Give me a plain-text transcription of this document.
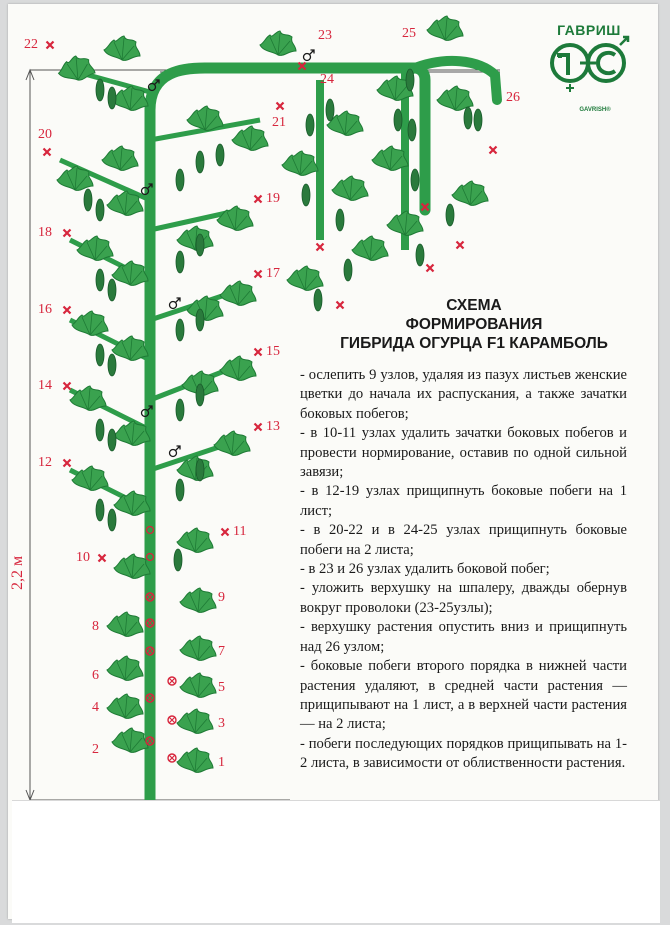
ГАВРИШ
GAVRISH®
1
2
3
4
5
6
7
8
9
10
11
12
13
14
15
16
17
18
19
20
21
22
23
24
25
26
2,2 м
СХЕМА
ФОРМИРОВАНИЯ
ГИБРИДА ОГУРЦА F1 КАРАМБОЛЬ
- ослепить 9 узлов, удаляя из пазух листьев женские цветки до начала их распускания, а также зачатки боковых побегов;
- в 10-11 узлах удалить зачатки боковых побегов и провести нормирование, оставив по одной сильной завязи;
- в 12-19 узлах прищипнуть боковые побеги на 1 лист;
- в 20-22 и в 24-25 узлах прищипнуть боковые побеги на 2 листа;
- в 23 и 26 узлах удалить боковой побег;
- уложить верхушку на шпалеру, дважды обернув вокруг проволоки (23-25узлы);
- верхушку растения опустить вниз и прищипнуть над 26 узлом;
- боковые побеги второго порядка в нижней части растения удаляют, в средней части растения — прищипывают на 1 лист, а в верхней части растения — на 2 листа;
- побеги последующих порядков прищипывать на 1-2 листа, в зависимости от облиственности растения.
